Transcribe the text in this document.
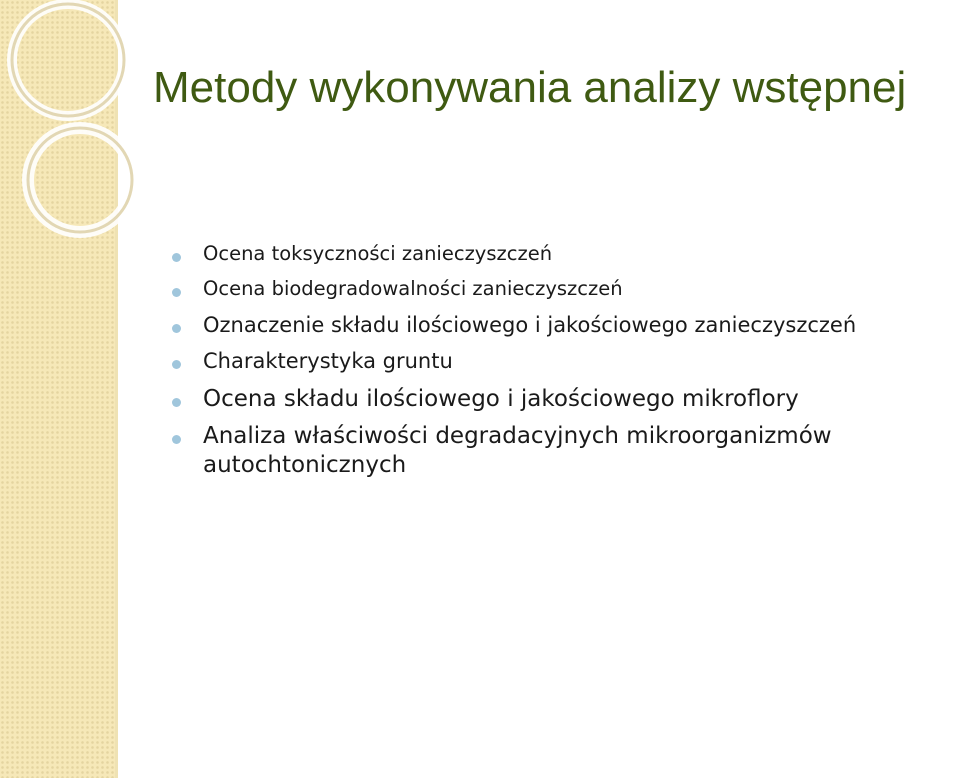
Metody wykonywania analizy wstępnej
Ocena toksyczności zanieczyszczeń
Ocena biodegradowalności zanieczyszczeń
Oznaczenie składu ilościowego i jakościowego zanieczyszczeń
Charakterystyka gruntu
Ocena składu ilościowego i jakościowego mikroflory
Analiza właściwości degradacyjnych mikroorganizmów autochtonicznych
